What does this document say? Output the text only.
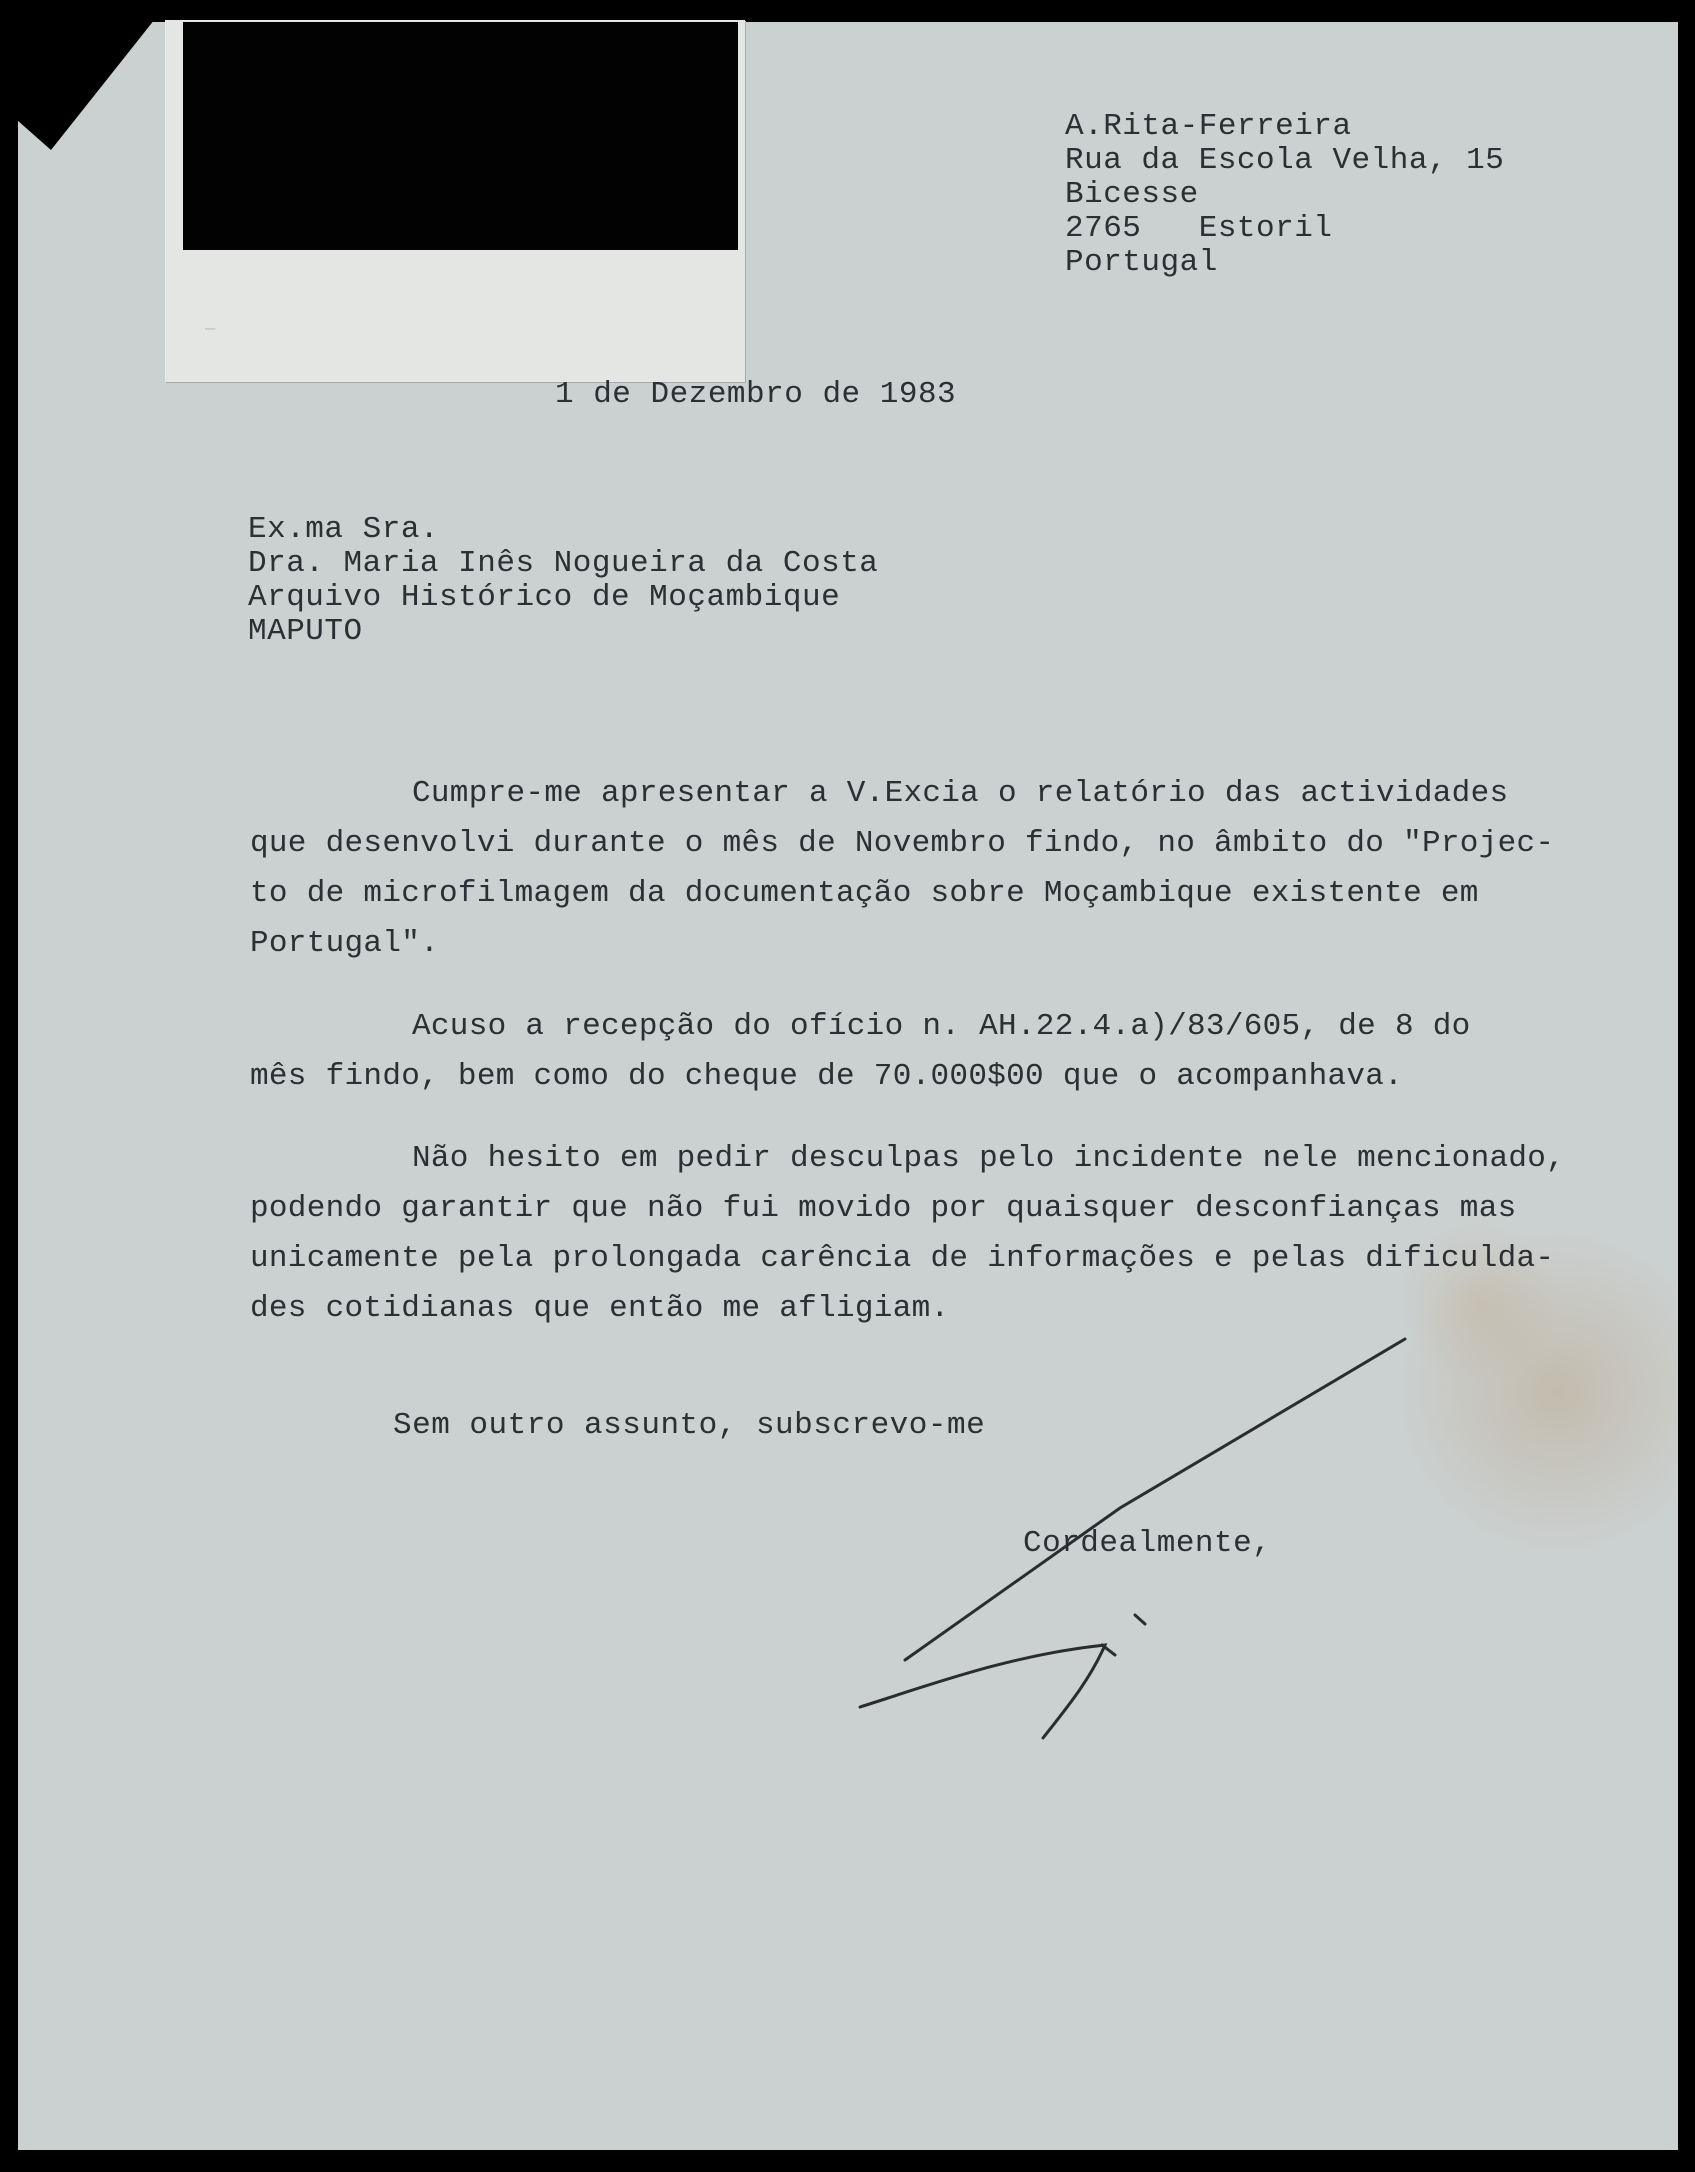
—
A.Rita-Ferreira
Rua da Escola Velha, 15
Bicesse
2765   Estoril
Portugal
1 de Dezembro de 1983
Ex.ma Sra.
Dra. Maria Inês Nogueira da Costa
Arquivo Histórico de Moçambique
MAPUTO
Cumpre-me apresentar a V.Excia o relatório das actividades
que desenvolvi durante o mês de Novembro findo, no âmbito do "Projec-
to de microfilmagem da documentação sobre Moçambique existente em
Portugal".
Acuso a recepção do ofício n. AH.22.4.a)/83/605, de 8 do
mês findo, bem como do cheque de 70.000$00 que o acompanhava.
Não hesito em pedir desculpas pelo incidente nele mencionado,
podendo garantir que não fui movido por quaisquer desconfianças mas
unicamente pela prolongada carência de informações e pelas dificulda-
des cotidianas que então me afligiam.
Sem outro assunto, subscrevo-me
Cordealmente,
